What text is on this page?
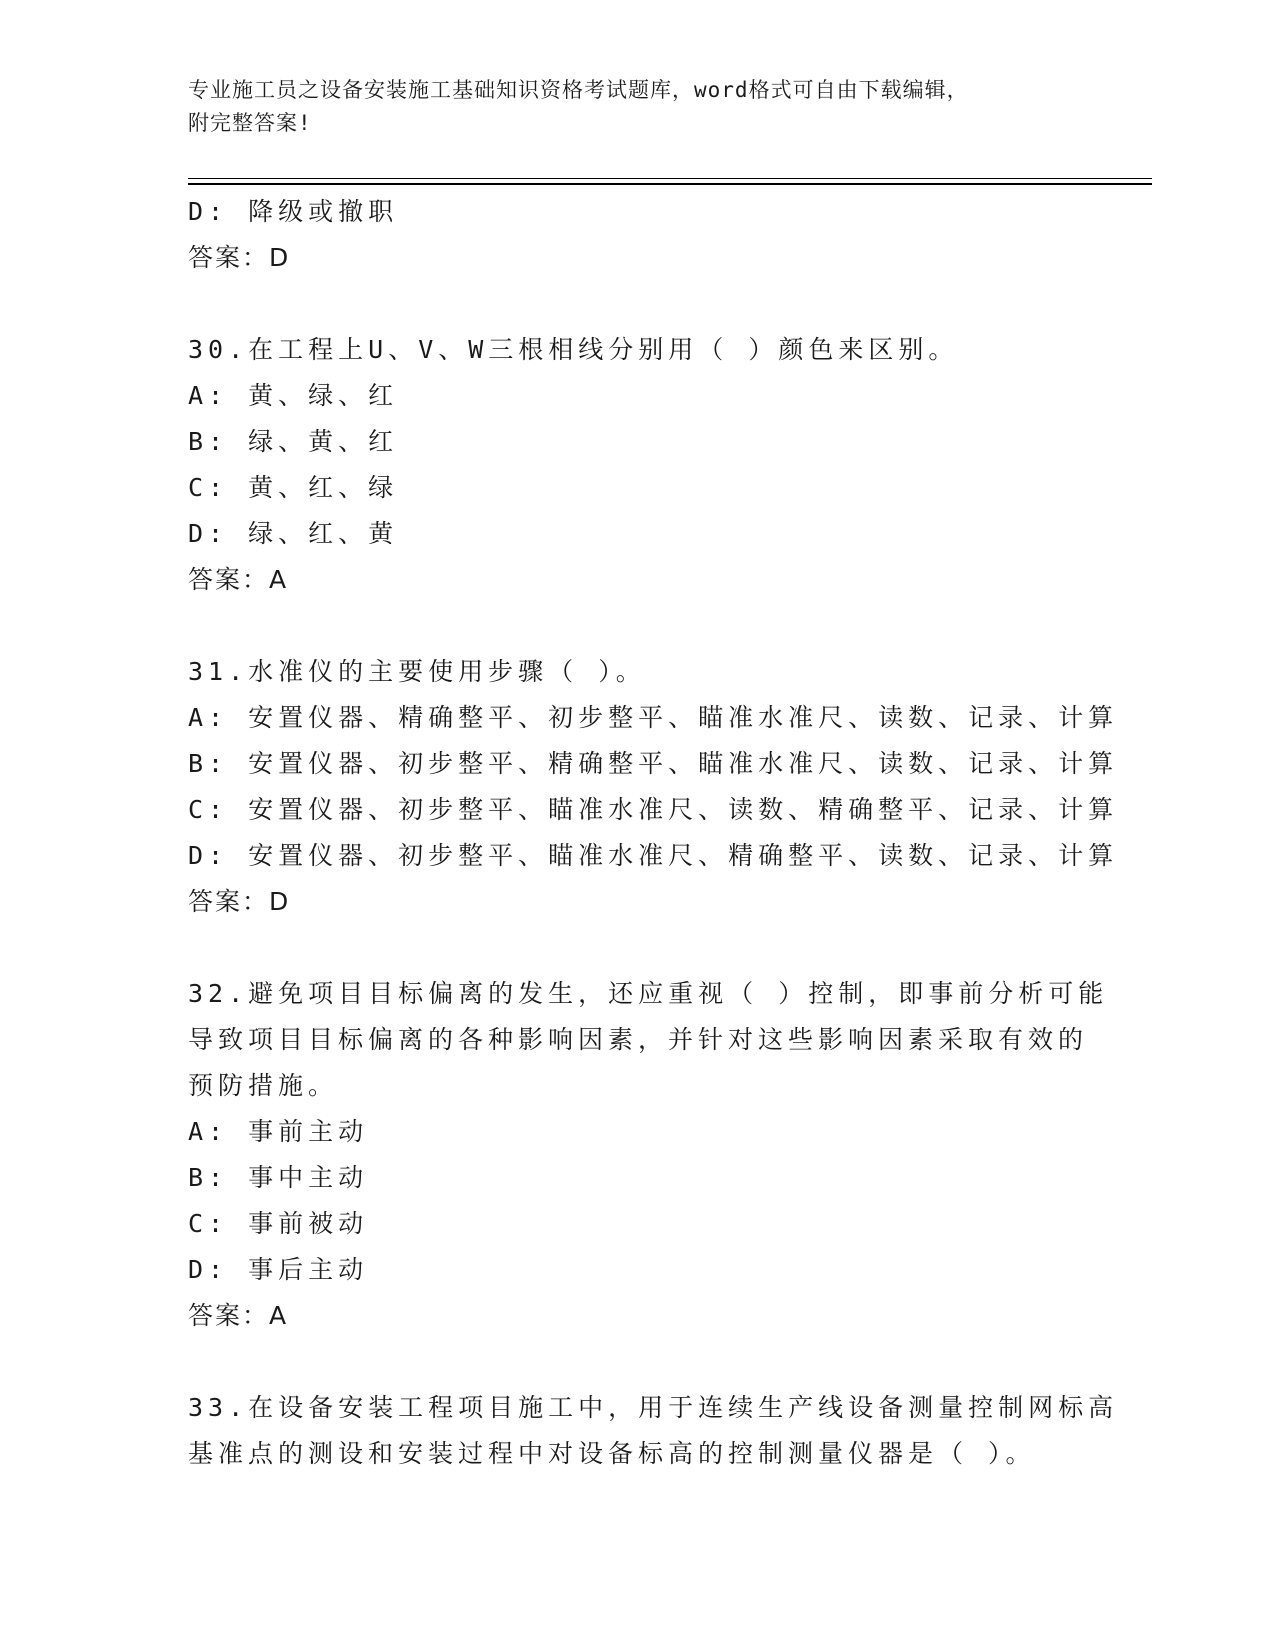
专业施工员之设备安装施工基础知识资格考试题库，word格式可自由下载编辑，
附完整答案!
D: 降级或撤职
答案：D
30.在工程上U、V、W三根相线分别用（ ）颜色来区别。
A: 黄、绿、红
B: 绿、黄、红
C: 黄、红、绿
D: 绿、红、黄
答案：A
31.水准仪的主要使用步骤（ ）。
A: 安置仪器、精确整平、初步整平、瞄准水准尺、读数、记录、计算
B: 安置仪器、初步整平、精确整平、瞄准水准尺、读数、记录、计算
C: 安置仪器、初步整平、瞄准水准尺、读数、精确整平、记录、计算
D: 安置仪器、初步整平、瞄准水准尺、精确整平、读数、记录、计算
答案：D
32.避免项目目标偏离的发生，还应重视（ ）控制，即事前分析可能
导致项目目标偏离的各种影响因素，并针对这些影响因素采取有效的
预防措施。
A: 事前主动
B: 事中主动
C: 事前被动
D: 事后主动
答案：A
33.在设备安装工程项目施工中，用于连续生产线设备测量控制网标高
基准点的测设和安装过程中对设备标高的控制测量仪器是（ ）。
